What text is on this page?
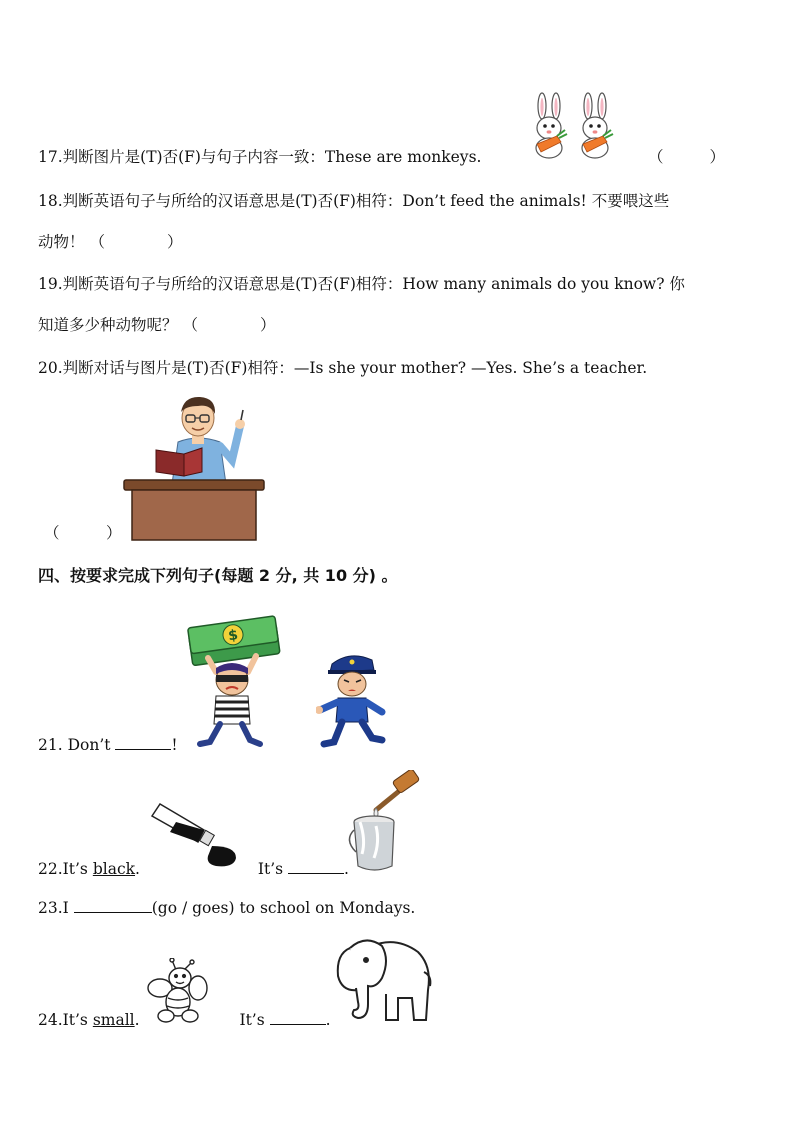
17.判断图片是(T)否(F)与句子内容一致：These are monkeys.	（	）
18.判断英语句子与所给的汉语意思是(T)否(F)相符：Don’t feed the animals! 不要喂这些
动物！ （　　　　）
19.判断英语句子与所给的汉语意思是(T)否(F)相符：How many animals do you know? 你
知道多少种动物呢？ （　　　　）
20.判断对话与图片是(T)否(F)相符：—Is she your mother? —Yes. She’s a teacher.
（　　　）
四、按要求完成下列句子(每题 2 分, 共 10 分) 。
$
21. Don’t	!
22.It’s black.	It’s	.
23.I	(go / goes) to school on Mondays.
24.It’s small.	It’s	.
